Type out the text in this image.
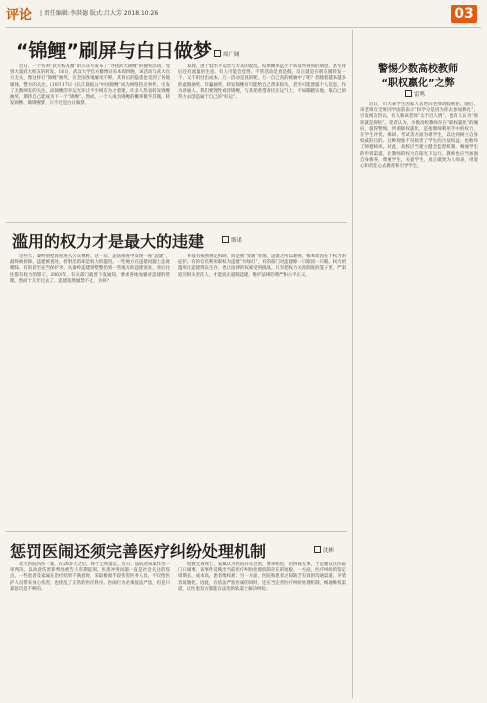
评论 | 责任编辑:李洪德 版式:吕大芳 2018.10.26	03
“锦鲤”刷屏与白日做梦	周广阔

近日，一个名叫“武大校友圈”的公众号发布了“寻找武大锦鲤”的抽奖活动，受到大量武大校友的转发。16日，武汉大学官方微博宣布本周四晚，该活动与武大官方无关，像这样打“锦鲤”抽奖，在全国各地屡见不鲜，其背后的隐患也受到了各地媒体、警方的关注。(10月17日《长江商报》)“中国锦鲤”成为网络热点事件，引发了无数网友的关注，而锦鲤的幸运光环让不少网友为之着迷。许多人热衷转发锦鲤抽奖，期待自己能成为下一个“锦鲤”。然而，一个人成为锦鲤的概率微乎其微，转发锦鲤、做锦鲤梦，只不过是白日做梦。

发现，由于低水平运营与方式的混乱，结果概率远小于转发所得到的期望，甚至背后还有流量的生意。有人可能会觉得，不管活动是真是假，反正就是在朋友圈转发一下，又不用付出成本，万一活动是真的呢，万一自己真的被抽中了呢？但随着越来越多的虚假抽奖、诈骗抽奖，转发锦鲤有可能给自己带来损失，甚至可能泄露个人信息。作为普通人，我们要理性看待锦鲤，与其把希望寄托在运气上，不如脚踏实地，靠自己的努力去创造属于自己的“好运”。

滥用的权力才是最大的违建	斯诺

这些天，秦岭别墅再度进入公众视野。这一次，违法排查中发现一座“违建”，最终被拆除。违建被查处，折射出的却是权力的滥用。一些地方在违建问题上态度暧昧，有的甚至充当保护伞。从秦岭违建别墅整治到一些地方的违建查处，背后往往都有权力的影子。2003年，有关部门就曾下发通知，要求各地加强对违建的管理。然而十几年过去了，违建依然屡禁不止，为何？

并没有按照规定拆除，而是被“变通”处理。违建之所以难拆，根本原因在于权力的庇护。有的官员利用职权为违建“开绿灯”，有的部门对违建睁一只眼闭一只眼。权力的滥用让违建得以生存，也让法律的权威受到挑战。只有把权力关进制度的笼子里，严肃追究相关责任人，才能真正遏制违建，维护法律的尊严和公平正义。

惩罚医闹还须完善医疗纠纷处理机制	沈彬

北大医院伤医一案，在20多天之后，终于尘埃落定。近日，法院对该案作出一审判决，以故意伤害罪判处被告人有期徒刑。医患冲突问题一直是社会关注的焦点，一些患者及家属在治疗结果不满意时，采取极端手段伤害医务人员，不仅给医护人员带来身心伤害，也扰乱了正常的医疗秩序。医闹行为必须依法严惩，但是只靠惩罚是不够的。

抢救无效死亡，家属认为医院存在过错，要求赔偿，但协商无果，于是聚众在医院门口闹事。该事件反映出当前医疗纠纷处理机制存在的短板。一方面，医疗纠纷的鉴定周期长、成本高，患者维权难；另一方面，医院和患者之间缺乏有效的沟通渠道，矛盾容易激化。因此，在依法严惩医闹的同时，还应当完善医疗纠纷处理机制，畅通维权渠道，让医患双方都能在法治的轨道上解决纠纷。

警惕少数高校教师
“职权嬴化”之弊
雷鸣

近日，川大某学生因家人去世向老师请假被拒。随后，该老师在全班同学面前表示“扣学分是因为你去参加葬礼”，引发网友热议。有人称该老师“太不近人情”，也有人认为“规矩就是规矩”。笔者认为，少数高校教师存在“职权嬴化”的倾向，值得警惕。所谓职权嬴化，是指教师利用手中的权力，在学生评优、保研、考试等方面为难学生，以达到树立自身权威的目的。这种现象不仅损害了学生的合法权益，也败坏了师德师风。对此，高校应当建立健全监督机制，畅通学生的申诉渠道，让教师的权力在阳光下运行。教师也应当加强自身修养，尊重学生、关爱学生，真正做到为人师表，用爱心和责任心去教育和引导学生。
